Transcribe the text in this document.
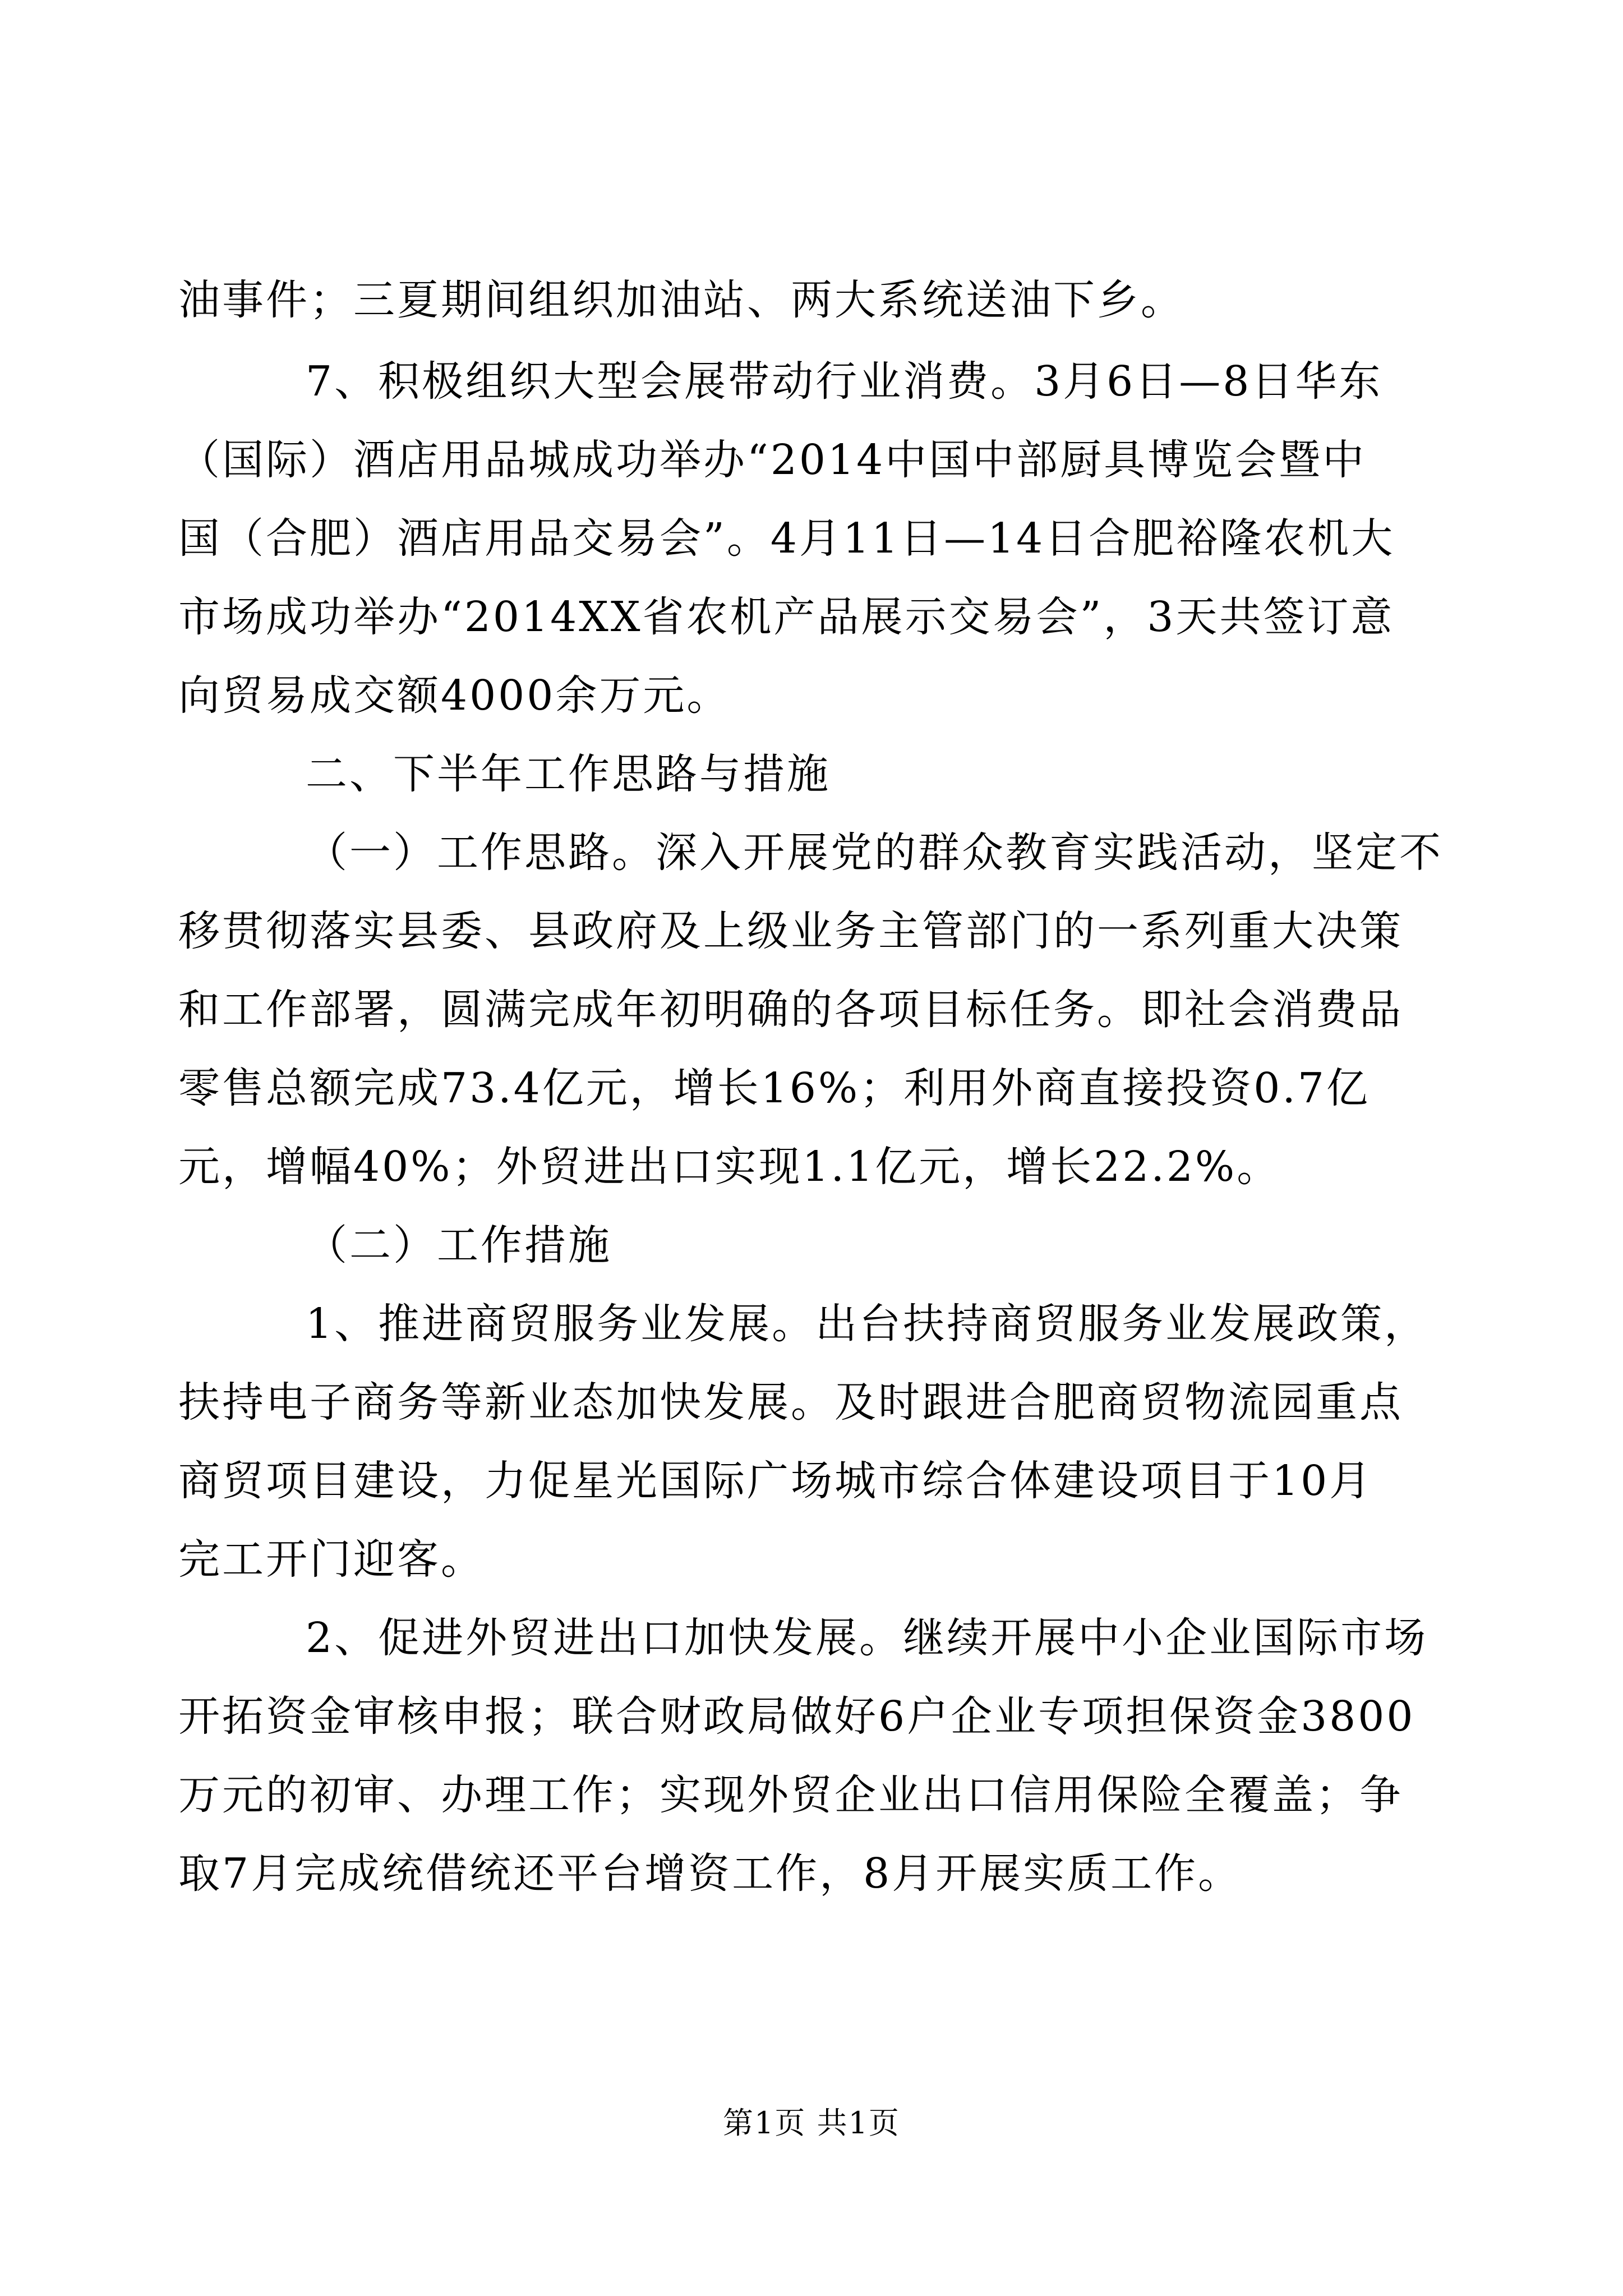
油事件；三夏期间组织加油站、两大系统送油下乡。
7、积极组织大型会展带动行业消费。3月6日—8日华东
（国际）酒店用品城成功举办“2014中国中部厨具博览会暨中
国（合肥）酒店用品交易会”。4月11日—14日合肥裕隆农机大
市场成功举办“2014XX省农机产品展示交易会”，3天共签订意
向贸易成交额4000余万元。
二、下半年工作思路与措施
（一）工作思路。深入开展党的群众教育实践活动，坚定不
移贯彻落实县委、县政府及上级业务主管部门的一系列重大决策
和工作部署，圆满完成年初明确的各项目标任务。即社会消费品
零售总额完成73.4亿元，增长16%；利用外商直接投资0.7亿
元，增幅40%；外贸进出口实现1.1亿元，增长22.2%。
（二）工作措施
1、推进商贸服务业发展。出台扶持商贸服务业发展政策，
扶持电子商务等新业态加快发展。及时跟进合肥商贸物流园重点
商贸项目建设，力促星光国际广场城市综合体建设项目于10月
完工开门迎客。
2、促进外贸进出口加快发展。继续开展中小企业国际市场
开拓资金审核申报；联合财政局做好6户企业专项担保资金3800
万元的初审、办理工作；实现外贸企业出口信用保险全覆盖；争
取7月完成统借统还平台增资工作，8月开展实质工作。
第1页 共1页
